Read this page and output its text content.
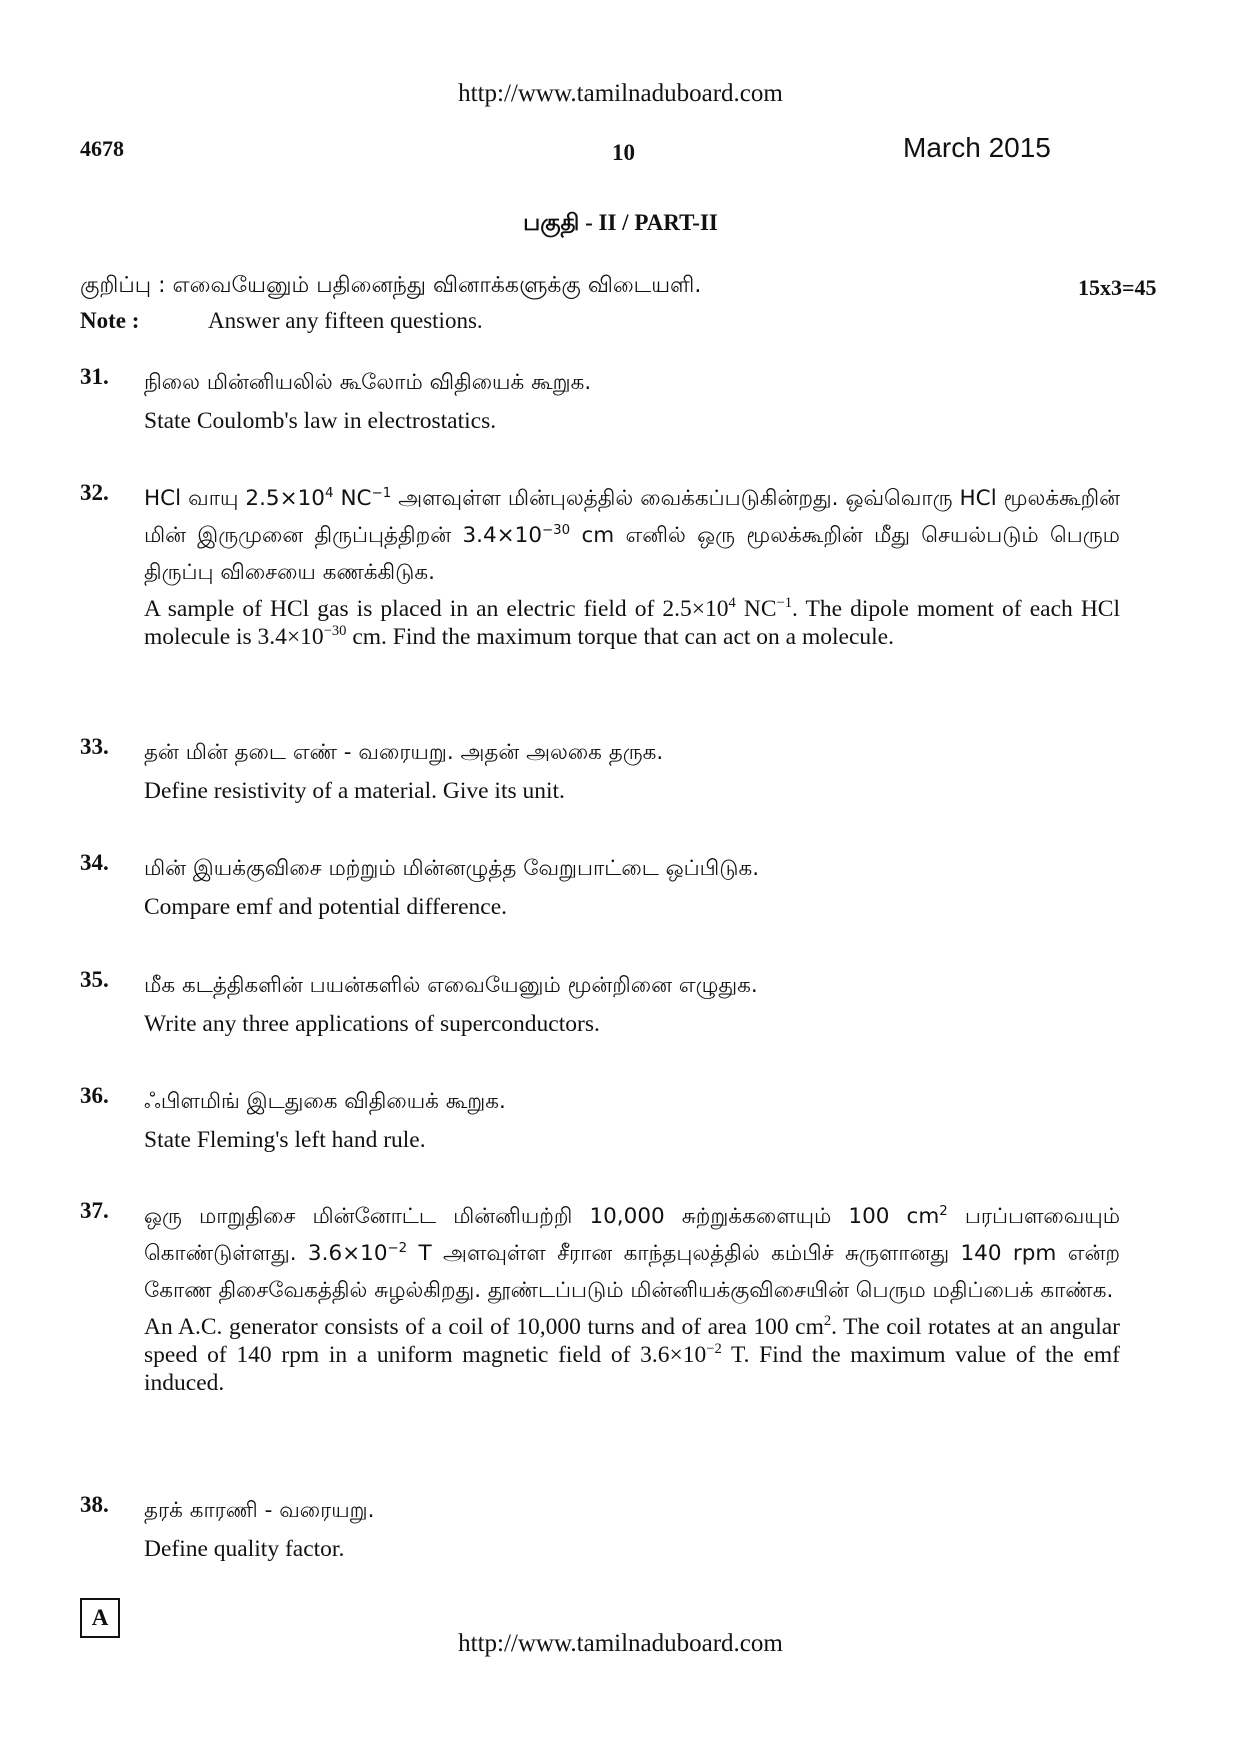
http://www.tamilnaduboard.com
4678	10	March 2015
பகுதி - II / PART-II
குறிப்பு : எவையேனும் பதினைந்து வினாக்களுக்கு விடையளி.	15x3=45
Note :	Answer any fifteen questions.
31. நிலை மின்னியலில் கூலோம் விதியைக் கூறுக.
State Coulomb's law in electrostatics.
32. HCl வாயு $2.5\times 10^4$ $NC^{-1}$ அளவுள்ள மின்புலத்தில் வைக்கப்படுகின்றது. ஒவ்வொரு HCl மூலக்கூறின் மின் இருமுனை திருப்புத்திறன் $3.4\times 10^{-30}$ cm எனில் ஒரு மூலக்கூறின் மீது செயல்படும் பெரும திருப்பு விசையை கணக்கிடுக.
A sample of HCl gas is placed in an electric field of $2.5\times 10^4$ $NC^{-1}$. The dipole moment of each HCl molecule is $3.4\times 10^{-30}$ cm. Find the maximum torque that can act on a molecule.
33. தன் மின் தடை எண் - வரையறு. அதன் அலகை தருக.
Define resistivity of a material. Give its unit.
34. மின் இயக்குவிசை மற்றும் மின்னழுத்த வேறுபாட்டை ஒப்பிடுக.
Compare emf and potential difference.
35. மீக கடத்திகளின் பயன்களில் எவையேனும் மூன்றினை எழுதுக.
Write any three applications of superconductors.
36. ஃபிளமிங் இடதுகை விதியைக் கூறுக.
State Fleming's left hand rule.
37. ஒரு மாறுதிசை மின்னோட்ட மின்னியற்றி 10,000 சுற்றுக்களையும் 100 $cm^2$ பரப்பளவையும் கொண்டுள்ளது. $3.6\times 10^{-2}$ T அளவுள்ள சீரான காந்தபுலத்தில் கம்பிச் சுருளானது 140 rpm என்ற கோண திசைவேகத்தில் சுழல்கிறது. தூண்டப்படும் மின்னியக்குவிசையின் பெரும மதிப்பைக் காண்க.
An A.C. generator consists of a coil of 10,000 turns and of area 100 $cm^2$. The coil rotates at an angular speed of 140 rpm in a uniform magnetic field of $3.6\times 10^{-2}$ T. Find the maximum value of the emf induced.
38. தரக் காரணி - வரையறு.
Define quality factor.
A
http://www.tamilnaduboard.com
